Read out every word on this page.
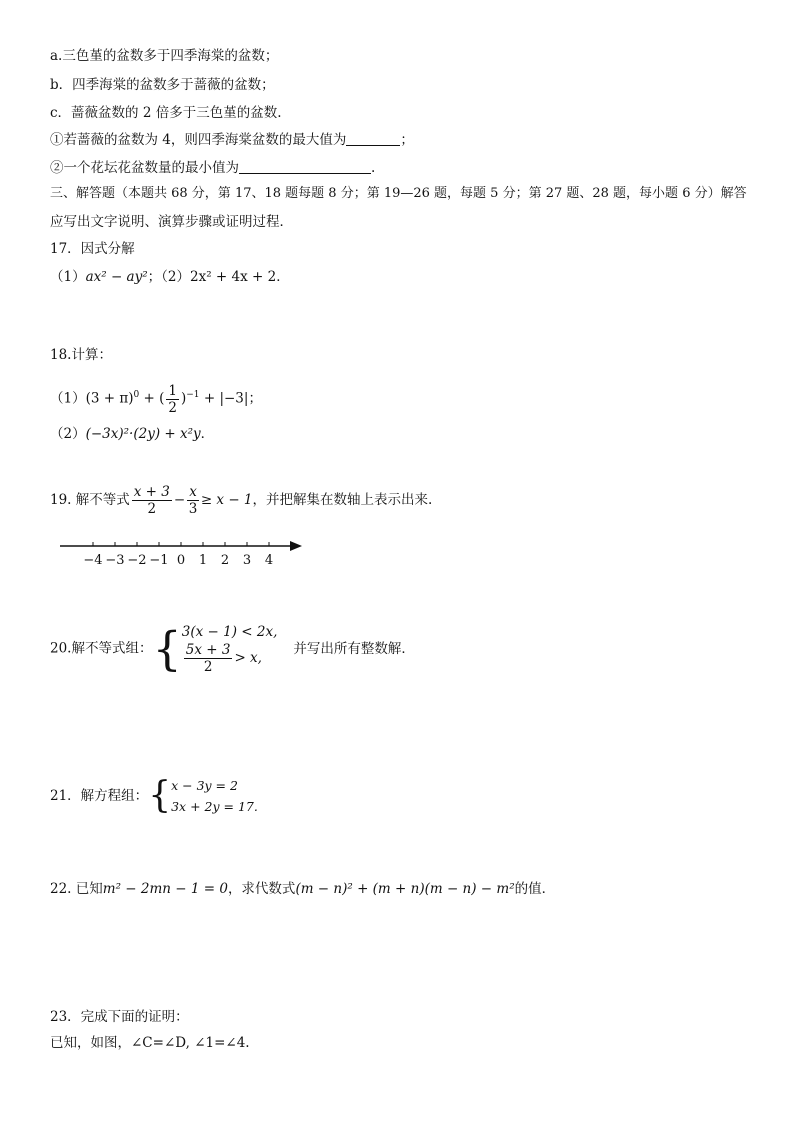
a.三色堇的盆数多于四季海棠的盆数；
b．四季海棠的盆数多于蔷薇的盆数；
c．蔷薇盆数的 2 倍多于三色堇的盆数.
①若蔷薇的盆数为 4，则四季海棠盆数的最大值为	；
②一个花坛花盆数量的最小值为	.
三、解答题（本题共 68 分，第 17、18 题每题 8 分；第 19—26 题，每题 5 分；第 27 题、28 题，每小题 6 分）解答
应写出文字说明、演算步骤或证明过程．
17．因式分解
（1）ax² − ay²；（2）2x² + 4x + 2．
18.计算：
$(1)(3 + \pi)^0$ + ( $\frac{1}{2} )^{-1} + |-3|$；
（2）(−3x)²·(2y) + x²y．
19. 解不等式 $\frac{x + 3}{2} - \frac{x}{3} \ge x - 1$，并把解集在数轴上表示出来.
−4 −3 −2 −1 0 1 2 3 4
20.解不等式组：{ 3(x − 1) < 2x,
$\frac{5x + 3}{2} > x$,
并写出所有整数解．
21．解方程组：{ x − 3y = 2
3x + 2y = 17.
22. 已知m² − 2mn − 1 = 0，求代数式(m − n)² + (m + n)(m − n) − m²的值．
23．完成下面的证明：
已知，如图，∠C=∠D, ∠1=∠4.
